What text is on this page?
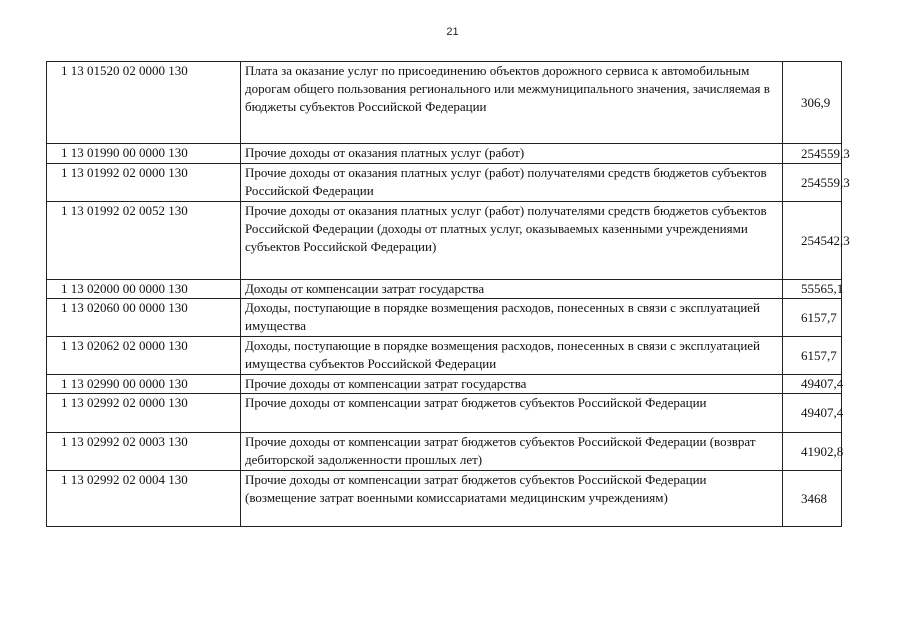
21
1 13 01520 02 0000 130	Плата за оказание услуг по присоединению объектов дорожного сервиса к автомобильным дорогам общего пользования регионального или межмуниципального значения, зачисляемая в бюджеты субъектов Российской Федерации	306,9
1 13 01990 00 0000 130	Прочие доходы от оказания платных услуг (работ)	254559,3
1 13 01992 02 0000 130	Прочие доходы от оказания платных услуг (работ) получателями средств бюджетов субъектов Российской Федерации	254559,3
1 13 01992 02 0052 130	Прочие доходы от оказания платных услуг (работ) получателями средств бюджетов субъектов Российской Федерации (доходы от платных услуг, оказываемых казенными учреждениями субъектов Российской Федерации)	254542,3
1 13 02000 00 0000 130	Доходы от компенсации затрат государства	55565,1
1 13 02060 00 0000 130	Доходы, поступающие в порядке возмещения расходов, понесенных в связи с эксплуатацией имущества	6157,7
1 13 02062 02 0000 130	Доходы, поступающие в порядке возмещения расходов, понесенных в связи с эксплуатацией имущества субъектов Российской Федерации	6157,7
1 13 02990 00 0000 130	Прочие доходы от компенсации затрат государства	49407,4
1 13 02992 02 0000 130	Прочие доходы от компенсации затрат бюджетов субъектов Российской Федерации	49407,4
1 13 02992 02 0003 130	Прочие доходы от компенсации затрат бюджетов субъектов Российской Федерации (возврат дебиторской задолженности прошлых лет)	41902,8
1 13 02992 02 0004 130	Прочие доходы от компенсации затрат бюджетов субъектов Российской Федерации (возмещение затрат военными комиссариатами медицинским учреждениям)	3468
